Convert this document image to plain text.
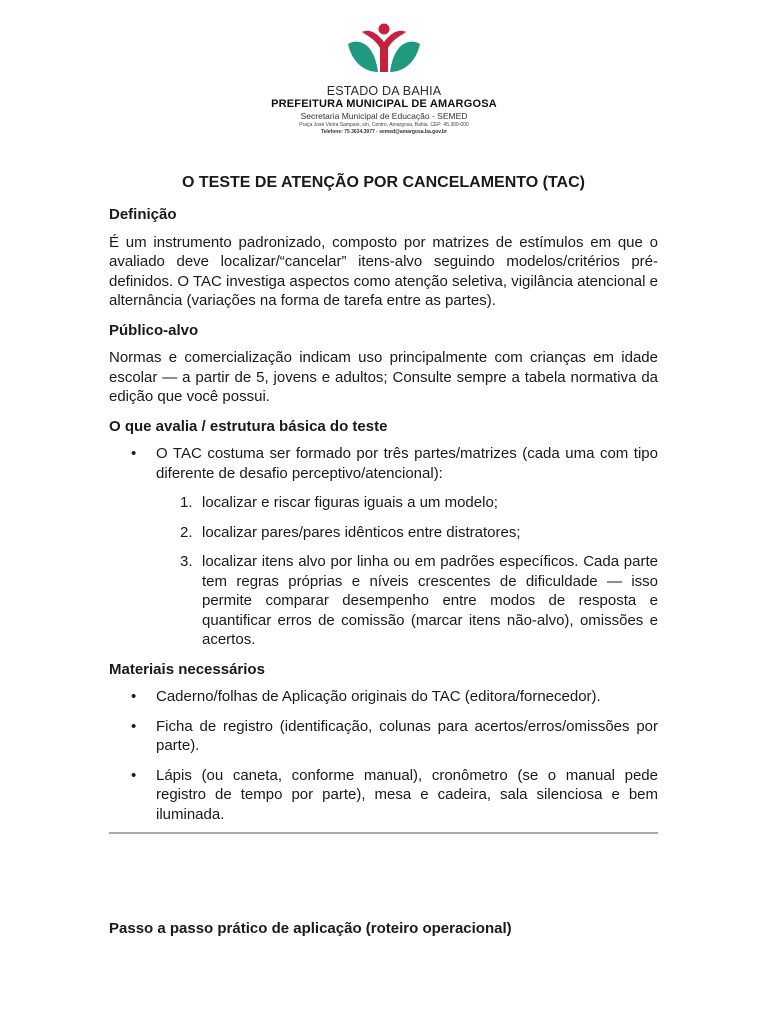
ESTADO DA BAHIA
PREFEITURA MUNICIPAL DE AMARGOSA
Secretaria Municipal de Educação - SEMED
Praça José Vieira Sampaio, s/n, Centro, Amargosa, Bahia. CEP: 45.300-000
Telefone: 75 3634.3977 - semed@amargosa.ba.gov.br
O TESTE DE ATENÇÃO POR CANCELAMENTO (TAC)
Definição
É um instrumento padronizado, composto por matrizes de estímulos em que o avaliado deve localizar/“cancelar” itens-alvo seguindo modelos/critérios pré-definidos. O TAC investiga aspectos como atenção seletiva, vigilância atencional e alternância (variações na forma de tarefa entre as partes).
Público-alvo
Normas e comercialização indicam uso principalmente com crianças em idade escolar — a partir de 5, jovens e adultos; Consulte sempre a tabela normativa da edição que você possui.
O que avalia / estrutura básica do teste
• O TAC costuma ser formado por três partes/matrizes (cada uma com tipo diferente de desafio perceptivo/atencional):
1. localizar e riscar figuras iguais a um modelo;
2. localizar pares/pares idênticos entre distratores;
3. localizar itens alvo por linha ou em padrões específicos. Cada parte tem regras próprias e níveis crescentes de dificuldade — isso permite comparar desempenho entre modos de resposta e quantificar erros de comissão (marcar itens não-alvo), omissões e acertos.
Materiais necessários
• Caderno/folhas de Aplicação originais do TAC (editora/fornecedor).
• Ficha de registro (identificação, colunas para acertos/erros/omissões por parte).
• Lápis (ou caneta, conforme manual), cronômetro (se o manual pede registro de tempo por parte), mesa e cadeira, sala silenciosa e bem iluminada.
Passo a passo prático de aplicação (roteiro operacional)
